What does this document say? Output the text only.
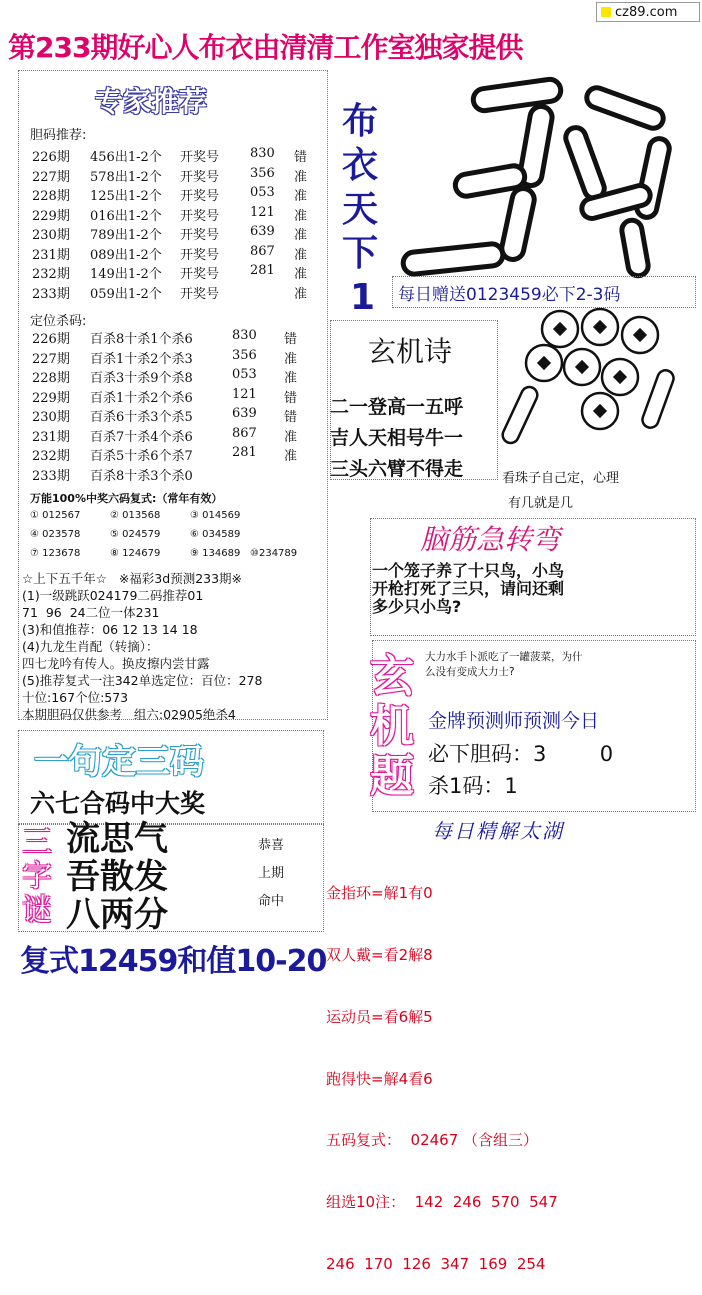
cz89.com
第233期好心人布衣由清清工作室独家提供
专家推荐
胆码推荐:
226期 456出1-2个 开奖号 830 错
227期 578出1-2个 开奖号 356 准
228期 125出1-2个 开奖号 053 准
229期 016出1-2个 开奖号 121 准
230期 789出1-2个 开奖号 639 准
231期 089出1-2个 开奖号 867 准
232期 149出1-2个 开奖号 281 准
233期 059出1-2个 开奖号	准
定位杀码:
226期 百杀8十杀1个杀6	830 错
227期 百杀1十杀2个杀3	356 准
228期 百杀3十杀9个杀8	053 准
229期 百杀1十杀2个杀6	121 错
230期 百杀6十杀3个杀5	639 错
231期 百杀7十杀4个杀6	867 准
232期 百杀5十杀6个杀7	281 准
233期 百杀8十杀3个杀0
万能100%中奖六码复式:（常年有效）
① 012567	② 013568	③ 014569
④ 023578	⑤ 024579	⑥ 034589
⑦ 123678	⑧ 124679	⑨ 134689 ⑩234789
☆上下五千年☆   ※福彩3d预测233期※
(1)一级跳跃024179二码推荐01
71  96  24二位一体231
(3)和值推荐：06 12 13 14 18
(4)九龙生肖配（转摘）：
四七龙吟有传人。换皮擦内尝甘露
(5)推荐复式一注342单选定位：百位：278
十位:167个位:573
本期胆码仅供参考   组六:02905绝杀4
布
衣
天
下
1	每日赠送0123459必下2-3码
玄机诗
二一登高一五呼
吉人天相号牛一
三头六臂不得走	看珠子自己定，心理
有几就是几
脑筋急转弯
一个笼子养了十只鸟，小鸟
开枪打死了三只，请问还剩
多少只小鸟?
玄
机
题
大力水手卜派吃了一罐菠菜，为什
么没有变成大力士?
金牌预测师预测今日
必下胆码：3        0
杀1码：1
一句定三码
六七合码中大奖
三
字
谜
流思气
吾散发
八两分
恭喜
上期
命中
复式12459和值10-20
每日精解太湖

金指环=解1有0

双人戴=看2解8

运动员=看6解5

跑得快=解4看6

五码复式：  02467 （含组三）

组选10注：  142  246  570  547

246  170  126  347  169  254
